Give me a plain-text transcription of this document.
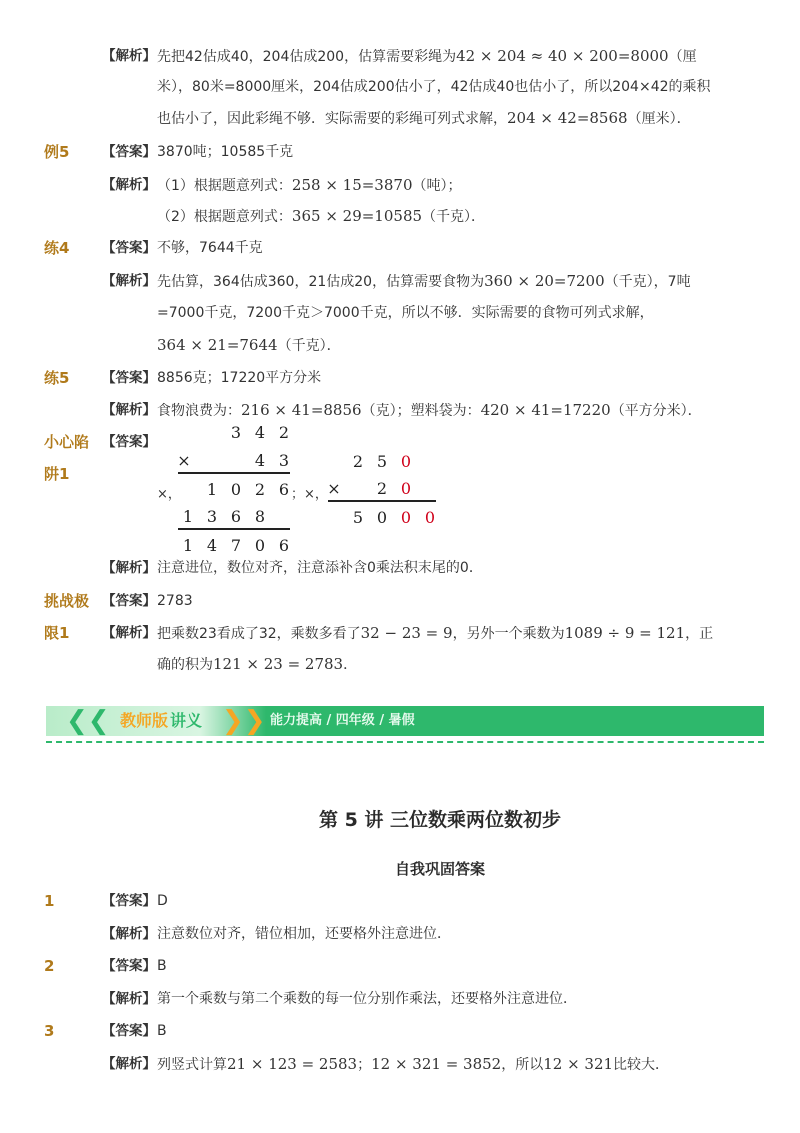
【解析】 先把42估成40，204估成200，估算需要彩绳为42 × 204 ≈ 40 × 200=8000（厘
米），80米=8000厘米，204估成200估小了，42估成40也估小了，所以204×42的乘积
也估小了，因此彩绳不够．实际需要的彩绳可列式求解，204 × 42=8568（厘米）．
例5 【答案】 3870吨；10585千克
【解析】 （1）根据题意列式：258 × 15=3870（吨）；
（2）根据题意列式：365 × 29=10585（千克）．
练4 【答案】 不够，7644千克
【解析】 先估算，364估成360，21估成20，估算需要食物为360 × 20=7200（千克），7吨
=7000千克，7200千克＞7000千克，所以不够．实际需要的食物可列式求解，
364 × 21=7644（千克）．
练5 【答案】 8856克；17220平方分米
【解析】 食物浪费为：216 × 41=8856（克）；塑料袋为：420 × 41=17220（平方分米）．
小心陷 【答案】
阱1
3 4 2
×	4 3
1 0 2 6
1 3 6 8
1 4 7 0 6
×，	；×，
2 5 0
×	2 0
5 0 0 0
【解析】 注意进位，数位对齐，注意添补含0乘法积末尾的0．
挑战极 【答案】 2783
限1 【解析】 把乘数23看成了32，乘数多看了32 − 23 = 9，另外一个乘数为1089 ÷ 9 = 121，正
确的积为121 × 23 = 2783．
❮❮ 教师版 讲义 ❯❯ 能力提高 / 四年级 / 暑假
第 5 讲 三位数乘两位数初步
自我巩固答案
1	【答案】 D
【解析】 注意数位对齐，错位相加，还要格外注意进位．
2	【答案】 B
【解析】 第一个乘数与第二个乘数的每一位分别作乘法，还要格外注意进位．
3	【答案】 B
【解析】 列竖式计算21 × 123 = 2583；12 × 321 = 3852，所以12 × 321比较大．
